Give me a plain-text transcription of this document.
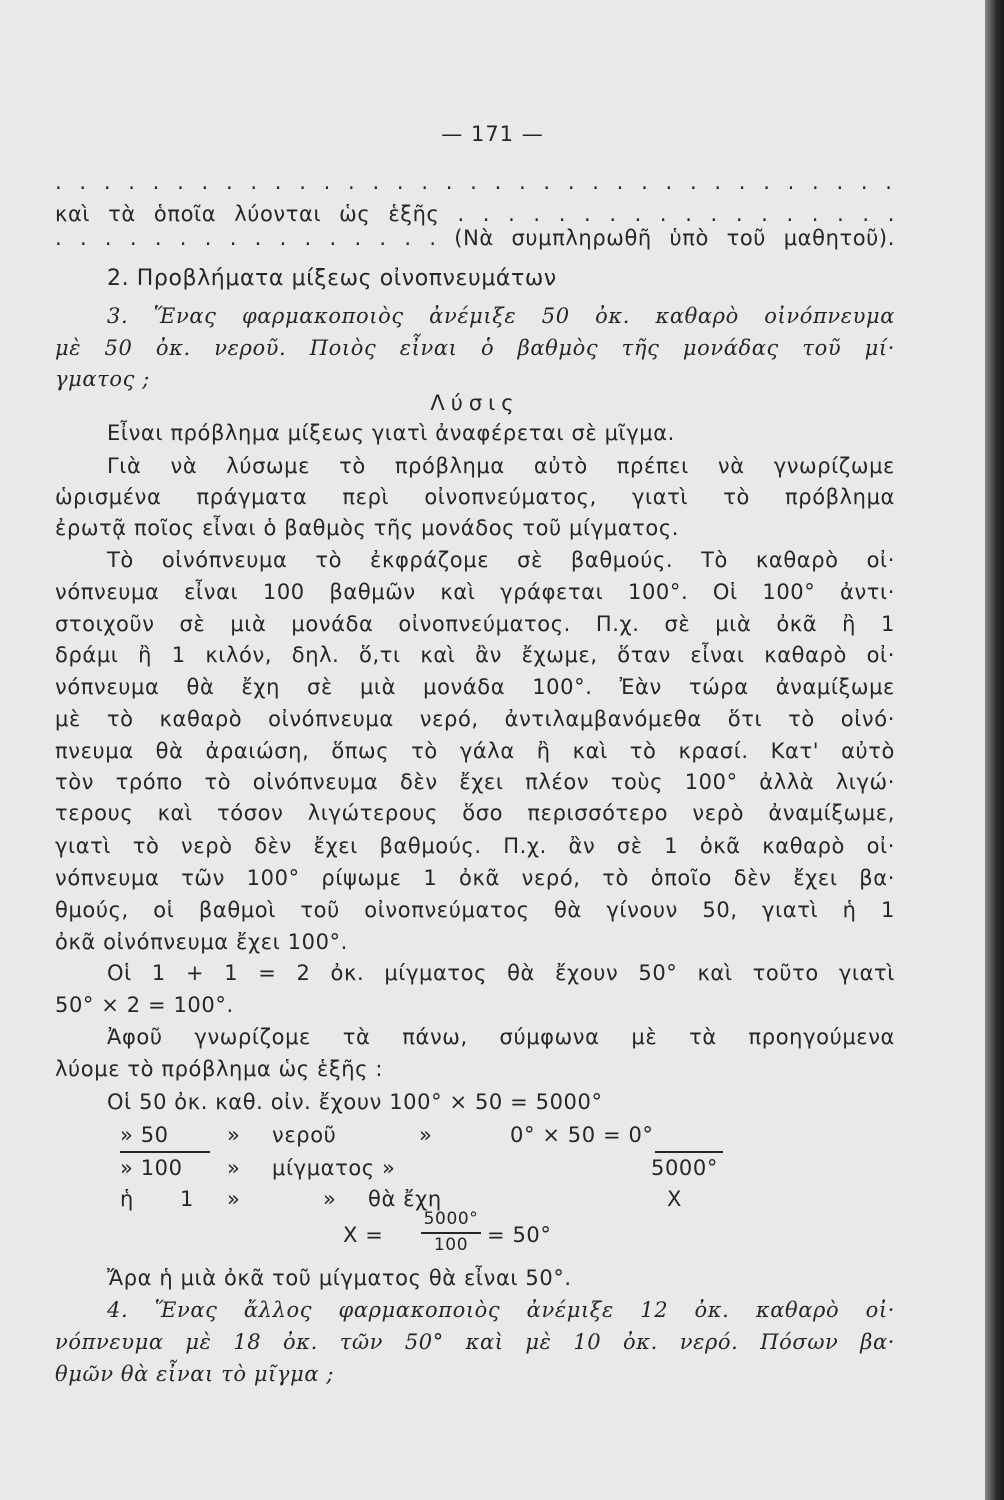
— 171 —
. . . . . . . . . . . . . . . . . . . . . . . . . . . . . . . . . . .
καὶ τὰ ὁποῖα λύονται ὡς ἑξῆς . . . . . . . . . . . . . . . . . .
. . . . . . . . . . . . . . . . (Νὰ συμπληρωθῆ ὑπὸ τοῦ μαθητοῦ).
2. Προβλήματα μίξεως οἰνοπνευμάτων
3. Ἕνας φαρμακοποιὸς ἀνέμιξε 50 ὀκ. καθαρὸ οἰνόπνευμα
μὲ 50 ὀκ. νεροῦ. Ποιὸς εἶναι ὁ βαθμὸς τῆς μονάδας τοῦ μί·
γματος ;
Λύσις
Εἶναι πρόβλημα μίξεως γιατὶ ἀναφέρεται σὲ μῖγμα.
Γιὰ νὰ λύσωμε τὸ πρόβλημα αὐτὸ πρέπει νὰ γνωρίζωμε
ὡρισμένα πράγματα περὶ οἰνοπνεύματος, γιατὶ τὸ πρόβλημα
ἐρωτᾷ ποῖος εἶναι ὁ βαθμὸς τῆς μονάδος τοῦ μίγματος.
Τὸ οἰνόπνευμα τὸ ἐκφράζομε σὲ βαθμούς. Τὸ καθαρὸ οἰ·
νόπνευμα εἶναι 100 βαθμῶν καὶ γράφεται 100°. Οἱ 100° ἀντι·
στοιχοῦν σὲ μιὰ μονάδα οἰνοπνεύματος. Π.χ. σὲ μιὰ ὀκᾶ ἢ 1
δράμι ἢ 1 κιλόν, δηλ. ὅ,τι καὶ ἂν ἔχωμε, ὅταν εἶναι καθαρὸ οἰ·
νόπνευμα θὰ ἔχη σὲ μιὰ μονάδα 100°. Ἐὰν τώρα ἀναμίξωμε
μὲ τὸ καθαρὸ οἰνόπνευμα νερό, ἀντιλαμβανόμεθα ὅτι τὸ οἰνό·
πνευμα θὰ ἀραιώση, ὅπως τὸ γάλα ἢ καὶ τὸ κρασί. Κατ' αὐτὸ
τὸν τρόπο τὸ οἰνόπνευμα δὲν ἔχει πλέον τοὺς 100° ἀλλὰ λιγώ·
τερους καὶ τόσον λιγώτερους ὅσο περισσότερο νερὸ ἀναμίξωμε,
γιατὶ τὸ νερὸ δὲν ἔχει βαθμούς. Π.χ. ἂν σὲ 1 ὀκᾶ καθαρὸ οἰ·
νόπνευμα τῶν 100° ρίψωμε 1 ὀκᾶ νερό, τὸ ὁποῖο δὲν ἔχει βα·
θμούς, οἱ βαθμοὶ τοῦ οἰνοπνεύματος θὰ γίνουν 50, γιατὶ ἡ 1
ὀκᾶ οἰνόπνευμα ἔχει 100°.
Οἱ 1 + 1 = 2 ὀκ. μίγματος θὰ ἔχουν 50° καὶ τοῦτο γιατὶ
50° × 2 = 100°.
Ἀφοῦ γνωρίζομε τὰ πάνω, σύμφωνα μὲ τὰ προηγούμενα
λύομε τὸ πρόβλημα ὡς ἑξῆς :
Οἱ 50 ὀκ. καθ. οἰν. ἔχουν 100° × 50 = 5000°
» 50	» νεροῦ	»	0° × 50 = 0°
» 100 » μίγματος »	5000°
ἡ 1 »	» θὰ ἔχη	X
X =
5000°
100 = 50°
Ἄρα ἡ μιὰ ὀκᾶ τοῦ μίγματος θὰ εἶναι 50°.
4. Ἕνας ἄλλος φαρμακοποιὸς ἀνέμιξε 12 ὀκ. καθαρὸ οἰ·
νόπνευμα μὲ 18 ὀκ. τῶν 50° καὶ μὲ 10 ὀκ. νερό. Πόσων βα·
θμῶν θὰ εἶναι τὸ μῖγμα ;
